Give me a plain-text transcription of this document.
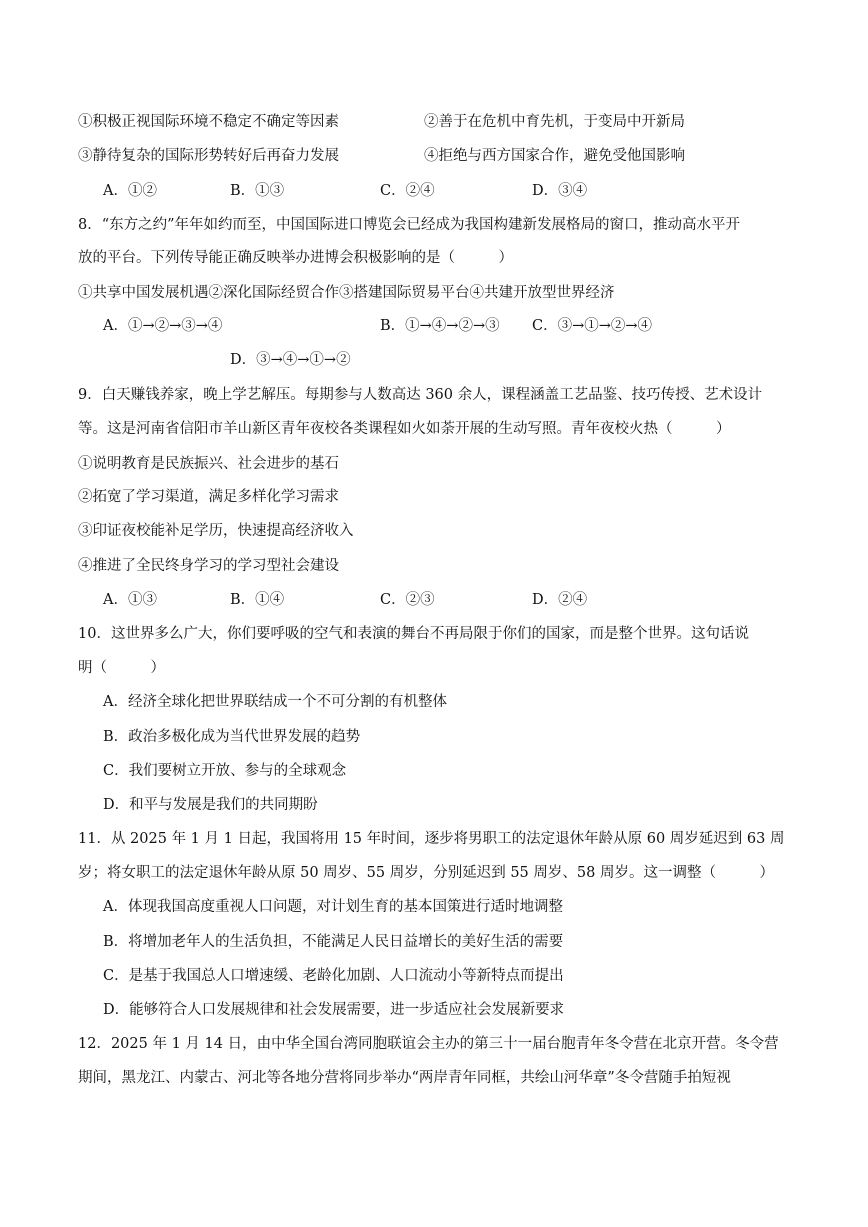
①积极正视国际环境不稳定不确定等因素	②善于在危机中育先机，于变局中开新局
③静待复杂的国际形势转好后再奋力发展	④拒绝与西方国家合作，避免受他国影响
A．①②	B．①③	C．②④	D．③④
8．“东方之约”年年如约而至，中国国际进口博览会已经成为我国构建新发展格局的窗口，推动高水平开
放的平台。下列传导能正确反映举办进博会积极影响的是（　　　）
①共享中国发展机遇②深化国际经贸合作③搭建国际贸易平台④共建开放型世界经济
A．①→②→③→④	B．①→④→②→③ C．③→①→②→④
D．③→④→①→②
9．白天赚钱养家，晚上学艺解压。每期参与人数高达 360 余人，课程涵盖工艺品鉴、技巧传授、艺术设计
等。这是河南省信阳市羊山新区青年夜校各类课程如火如荼开展的生动写照。青年夜校火热（　　　）
①说明教育是民族振兴、社会进步的基石
②拓宽了学习渠道，满足多样化学习需求
③印证夜校能补足学历，快速提高经济收入
④推进了全民终身学习的学习型社会建设
A．①③	B．①④	C．②③	D．②④
10．这世界多么广大，你们要呼吸的空气和表演的舞台不再局限于你们的国家，而是整个世界。这句话说
明（　　　）
A．经济全球化把世界联结成一个不可分割的有机整体
B．政治多极化成为当代世界发展的趋势
C．我们要树立开放、参与的全球观念
D．和平与发展是我们的共同期盼
11．从 2025 年 1 月 1 日起，我国将用 15 年时间，逐步将男职工的法定退休年龄从原 60 周岁延迟到 63 周
岁；将女职工的法定退休年龄从原 50 周岁、55 周岁，分别延迟到 55 周岁、58 周岁。这一调整（　　　）
A．体现我国高度重视人口问题，对计划生育的基本国策进行适时地调整
B．将增加老年人的生活负担，不能满足人民日益增长的美好生活的需要
C．是基于我国总人口增速缓、老龄化加剧、人口流动小等新特点而提出
D．能够符合人口发展规律和社会发展需要，进一步适应社会发展新要求
12．2025 年 1 月 14 日，由中华全国台湾同胞联谊会主办的第三十一届台胞青年冬令营在北京开营。冬令营
期间，黑龙江、内蒙古、河北等各地分营将同步举办“两岸青年同框，共绘山河华章”冬令营随手拍短视
